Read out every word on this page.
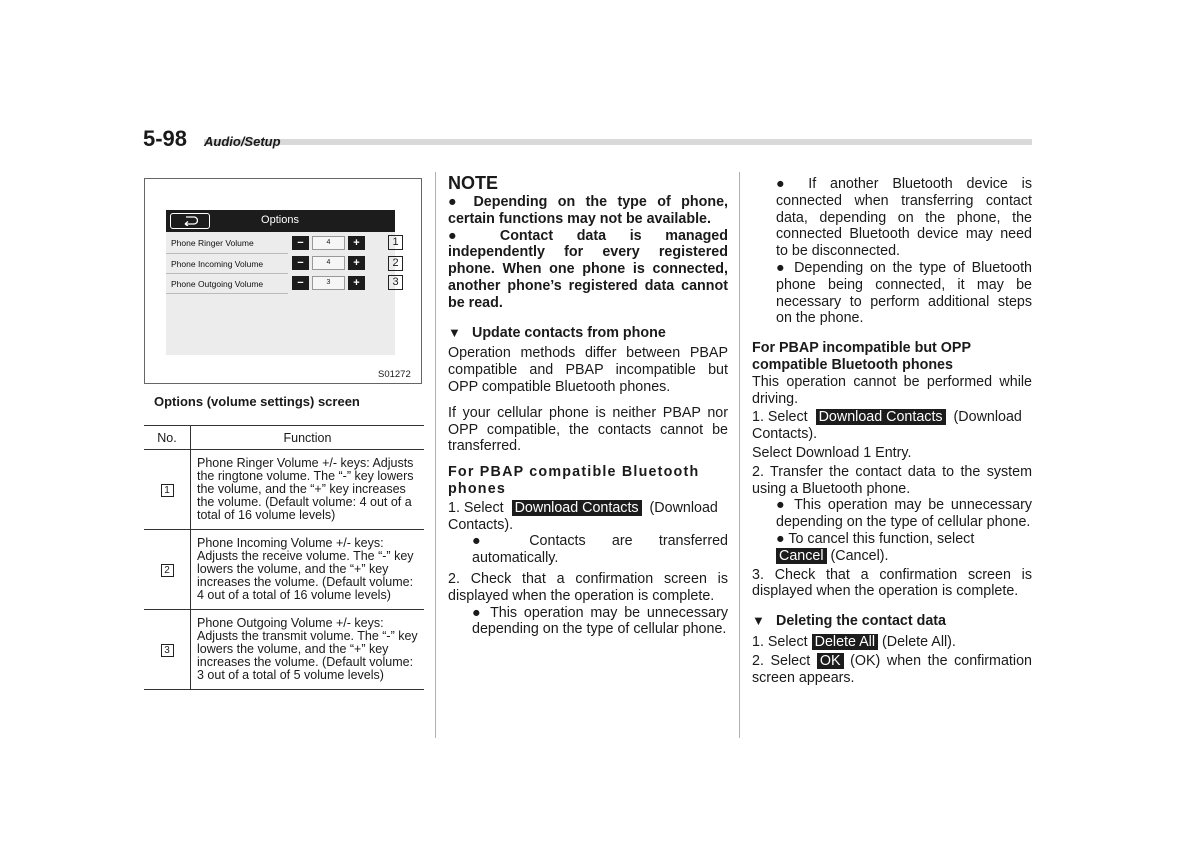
5-98 Audio/Setup
Options
Phone Ringer Volume	−	4	+	1
Phone Incoming Volume	−	4	+	2
Phone Outgoing Volume	−	3	+	3
S01272
Options (volume settings) screen
No.	Function
1	Phone Ringer Volume +/- keys: Adjusts the ringtone volume. The “-” key lowers the volume, and the “+” key increases the volume. (Default volume: 4 out of a total of 16 volume levels)
2	Phone Incoming Volume +/- keys: Adjusts the receive volume. The “-” key lowers the volume, and the “+” key increases the volume. (Default volume: 4 out of a total of 16 volume levels)
3	Phone Outgoing Volume +/- keys: Adjusts the transmit volume. The “-” key lowers the volume, and the “+” key increases the volume. (Default volume: 3 out of a total of 5 volume levels)

NOTE

● Depending on the type of phone, certain functions may not be available.

● Contact data is managed independently for every registered phone. When one phone is connected, another phone’s registered data cannot be read.

▼ Update contacts from phone

Operation methods differ between PBAP compatible and PBAP incompatible but OPP compatible Bluetooth phones.

If your cellular phone is neither PBAP nor OPP compatible, the contacts cannot be transferred.

For PBAP compatible Bluetooth phones

1. Select Download Contacts (Download Contacts).

● Contacts are transferred automatically.

2. Check that a confirmation screen is displayed when the operation is complete.

● This operation may be unnecessary depending on the type of cellular phone.

● If another Bluetooth device is connected when transferring contact data, depending on the phone, the connected Bluetooth device may need to be disconnected.

● Depending on the type of Bluetooth phone being connected, it may be necessary to perform additional steps on the phone.

For PBAP incompatible but OPP compatible Bluetooth phones

This operation cannot be performed while driving.

1. Select Download Contacts (Download Contacts).

Select Download 1 Entry.

2. Transfer the contact data to the system using a Bluetooth phone.

● This operation may be unnecessary depending on the type of cellular phone.

● To cancel this function, select
Cancel (Cancel).

3. Check that a confirmation screen is displayed when the operation is complete.

▼ Deleting the contact data

1. Select Delete All (Delete All).

2. Select OK (OK) when the confirmation screen appears.
